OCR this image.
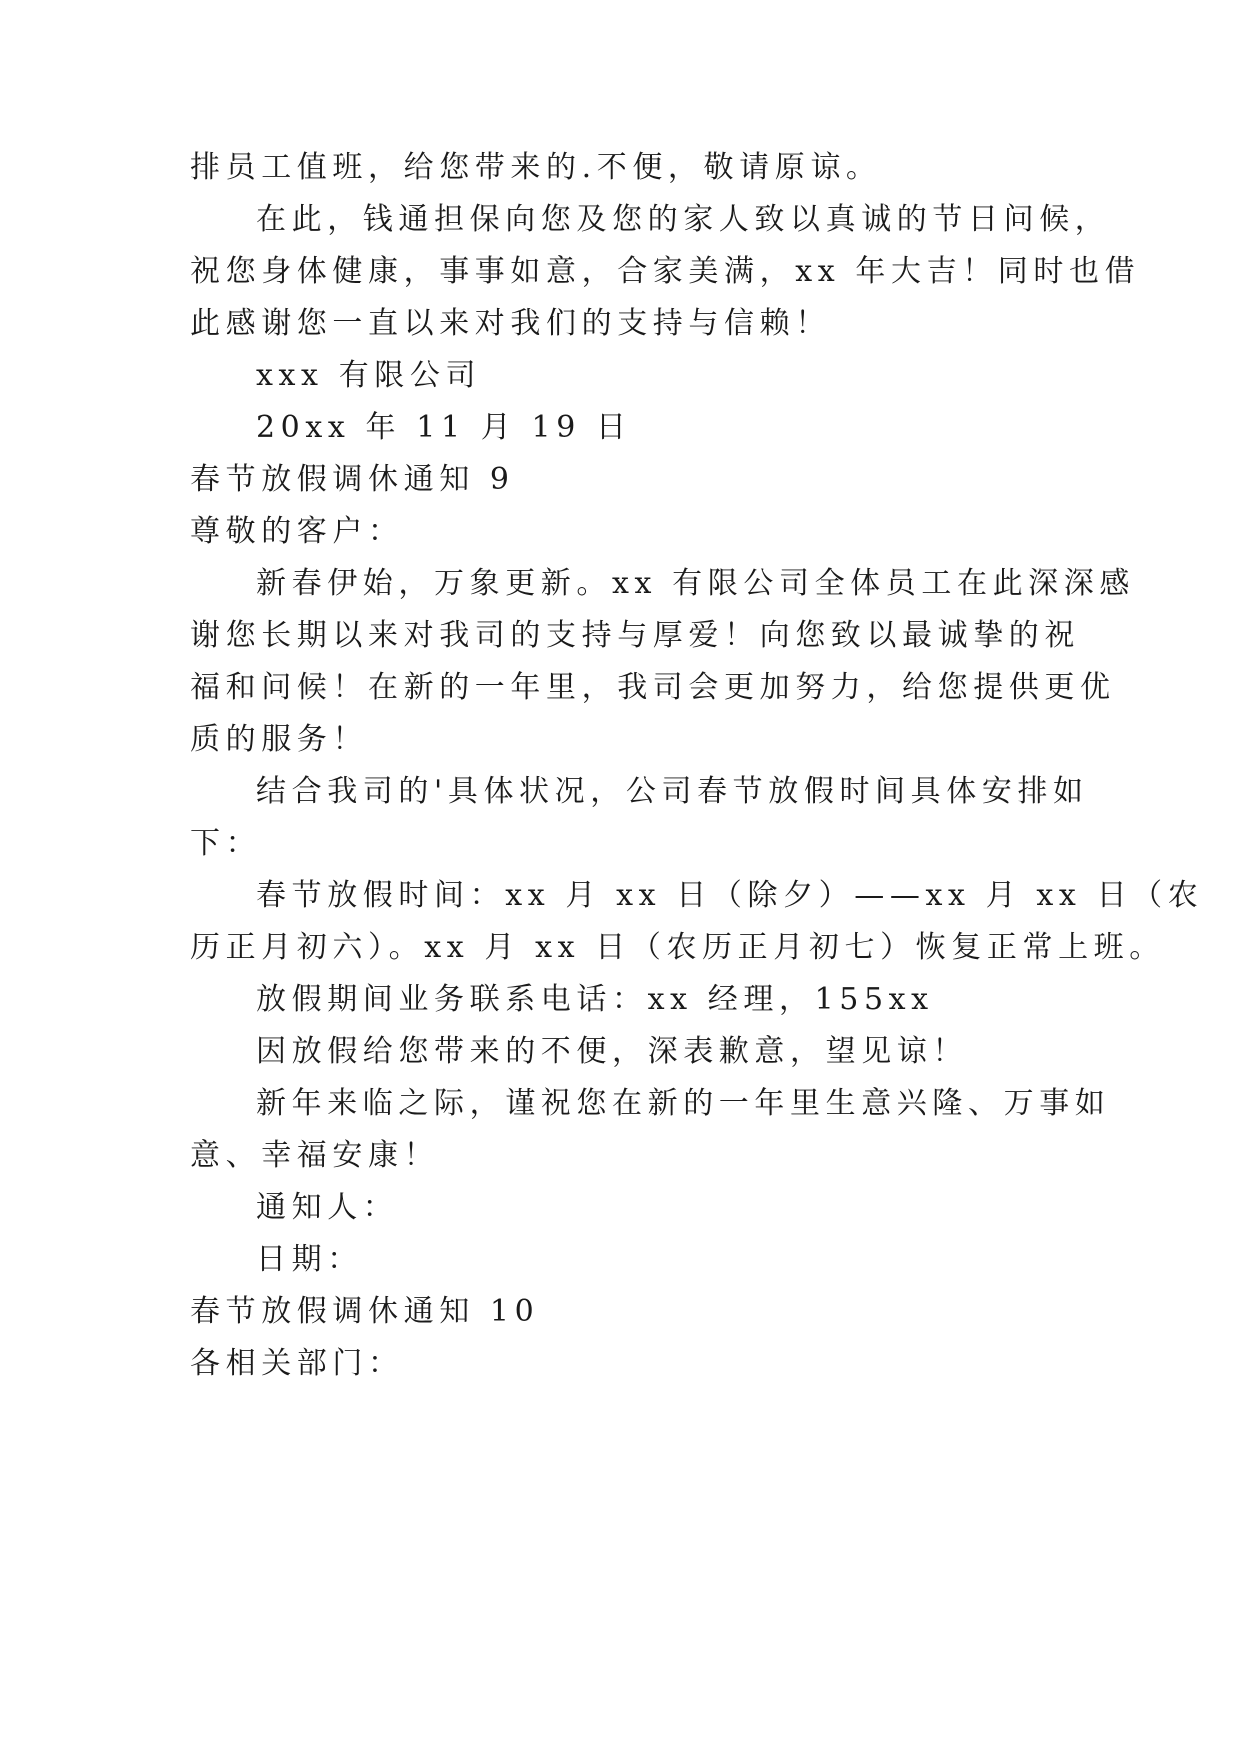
排员工值班，给您带来的.不便，敬请原谅。
在此，钱通担保向您及您的家人致以真诚的节日问候，
祝您身体健康，事事如意，合家美满，xx 年大吉！同时也借
此感谢您一直以来对我们的支持与信赖！
xxx 有限公司
20xx 年 11 月 19 日
春节放假调休通知 9
尊敬的客户：
新春伊始，万象更新。xx 有限公司全体员工在此深深感
谢您长期以来对我司的支持与厚爱！向您致以最诚挚的祝
福和问候！在新的一年里，我司会更加努力，给您提供更优
质的服务！
结合我司的'具体状况，公司春节放假时间具体安排如
下：
春节放假时间：xx 月 xx 日（除夕）——xx 月 xx 日（农
历正月初六）。xx 月 xx 日（农历正月初七）恢复正常上班。
放假期间业务联系电话：xx 经理，155xx
因放假给您带来的不便，深表歉意，望见谅！
新年来临之际，谨祝您在新的一年里生意兴隆、万事如
意、幸福安康！
通知人：
日期：
春节放假调休通知 10
各相关部门：
